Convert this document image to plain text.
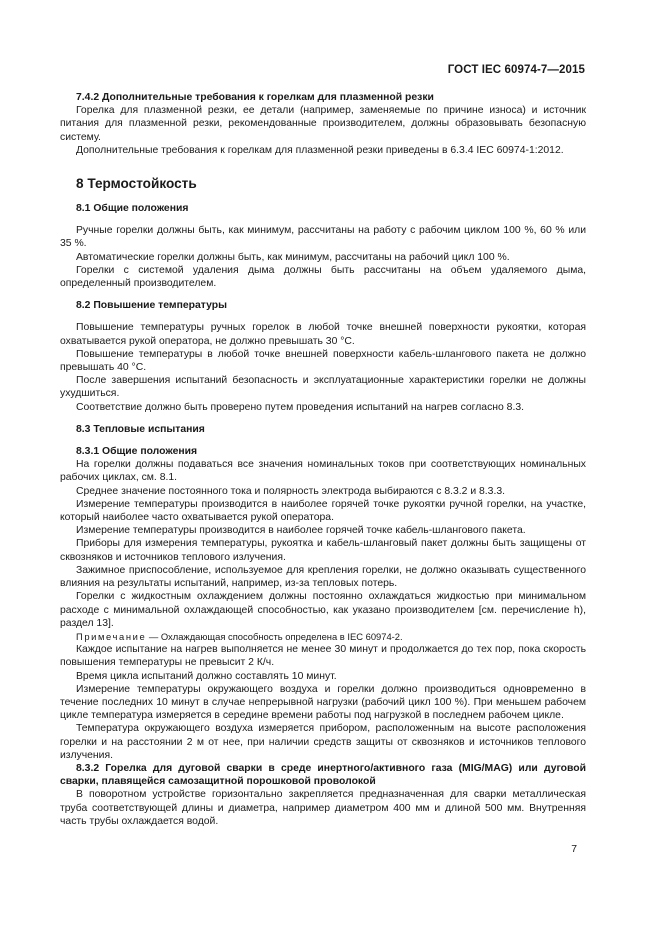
ГОСТ IEC 60974-7—2015

7.4.2 Дополнительные требования к горелкам для плазменной резки

Горелка для плазменной резки, ее детали (например, заменяемые по причине износа) и источник питания для плазменной резки, рекомендованные производителем, должны образовывать безопасную систему.

Дополнительные требования к горелкам для плазменной резки приведены в 6.3.4 IEC 60974-1:2012.

8 Термостойкость
8.1 Общие положения

Ручные горелки должны быть, как минимум, рассчитаны на работу с рабочим циклом 100 %, 60 % или 35 %.

Автоматические горелки должны быть, как минимум, рассчитаны на рабочий цикл 100 %.

Горелки с системой удаления дыма должны быть рассчитаны на объем удаляемого дыма, определенный производителем.

8.2 Повышение температуры

Повышение температуры ручных горелок в любой точке внешней поверхности рукоятки, которая охватывается рукой оператора, не должно превышать 30 °С.

Повышение температуры в любой точке внешней поверхности кабель-шлангового пакета не должно превышать 40 °С.

После завершения испытаний безопасность и эксплуатационные характеристики горелки не должны ухудшиться.

Соответствие должно быть проверено путем проведения испытаний на нагрев согласно 8.3.

8.3 Тепловые испытания

8.3.1 Общие положения

На горелки должны подаваться все значения номинальных токов при соответствующих номинальных рабочих циклах, см. 8.1.

Среднее значение постоянного тока и полярность электрода выбираются с 8.3.2 и 8.3.3.

Измерение температуры производится в наиболее горячей точке рукоятки ручной горелки, на участке, который наиболее часто охватывается рукой оператора.

Измерение температуры производится в наиболее горячей точке кабель-шлангового пакета.

Приборы для измерения температуры, рукоятка и кабель-шланговый пакет должны быть защищены от сквозняков и источников теплового излучения.

Зажимное приспособление, используемое для крепления горелки, не должно оказывать существенного влияния на результаты испытаний, например, из-за тепловых потерь.

Горелки с жидкостным охлаждением должны постоянно охлаждаться жидкостью при минимальном расходе с минимальной охлаждающей способностью, как указано производителем [см. перечисление h), раздел 13].

Примечание — Охлаждающая способность определена в IEC 60974-2.

Каждое испытание на нагрев выполняется не менее 30 минут и продолжается до тех пор, пока скорость повышения температуры не превысит 2 К/ч.

Время цикла испытаний должно составлять 10 минут.

Измерение температуры окружающего воздуха и горелки должно производиться одновременно в течение последних 10 минут в случае непрерывной нагрузки (рабочий цикл 100 %). При меньшем рабочем цикле температура измеряется в середине времени работы под нагрузкой в последнем рабочем цикле.

Температура окружающего воздуха измеряется прибором, расположенным на высоте расположения горелки и на расстоянии 2 м от нее, при наличии средств защиты от сквозняков и источников теплового излучения.

8.3.2 Горелка для дуговой сварки в среде инертного/активного газа (MIG/MAG) или дуговой сварки, плавящейся самозащитной порошковой проволокой

В поворотном устройстве горизонтально закрепляется предназначенная для сварки металлическая труба соответствующей длины и диаметра, например диаметром 400 мм и длиной 500 мм. Внутренняя часть трубы охлаждается водой.

7
